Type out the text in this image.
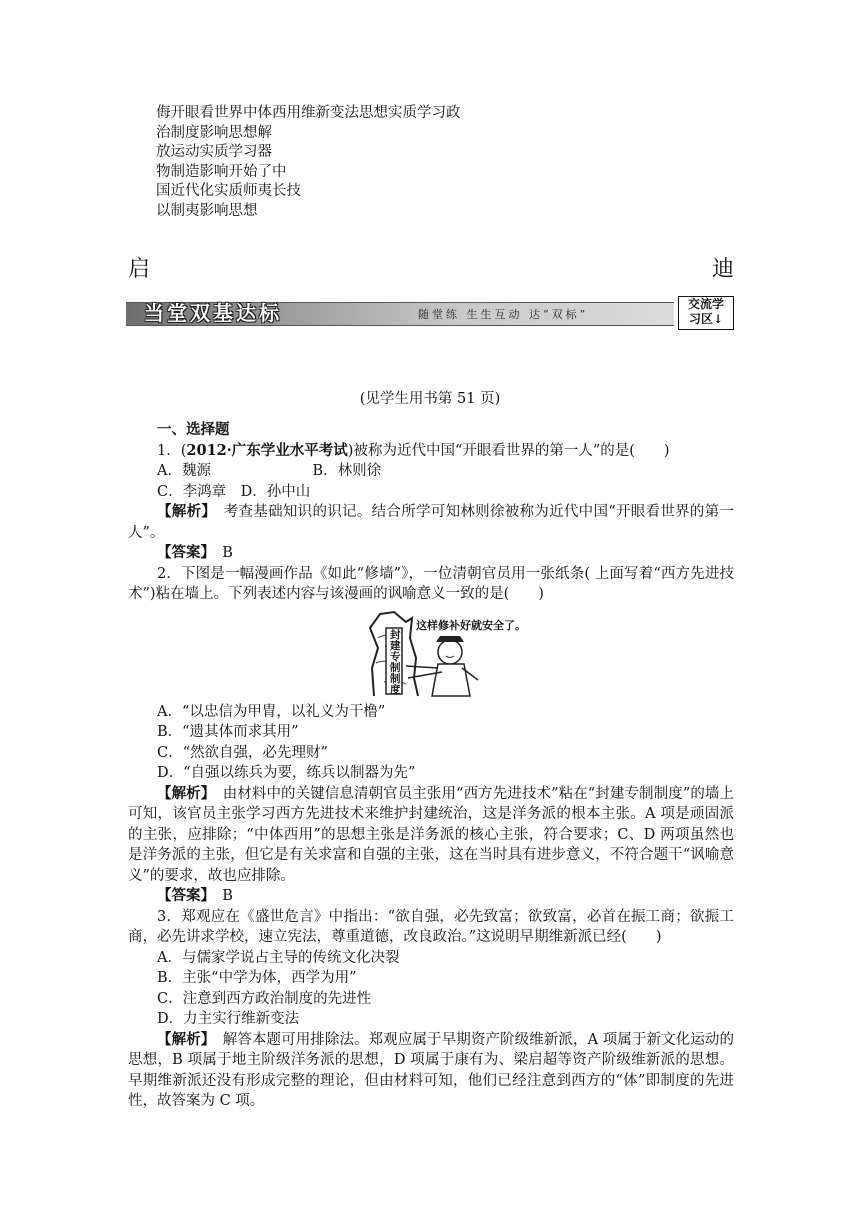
侮开眼看世界中体西用维新变法思想实质学习政
治制度影响思想解
放运动实质学习器
物制造影响开始了中
国近代化实质师夷长技
以制夷影响思想
启	迪
当堂双基达标	随堂练 生生互动 达“双标”
交流学
习区↓
(见学生用书第 51 页)

一、选择题

1．(2012·广东学业水平考试)被称为近代中国“开眼看世界的第一人”的是(　　)

A．魏源　　　　　　　B．林则徐

C．李鸿章　D．孙中山

【解析】　考查基础知识的识记。结合所学可知林则徐被称为近代中国“开眼看世界的第一人”。

【答案】　B

2．下图是一幅漫画作品《如此“修墙”》，一位清朝官员用一张纸条( 上面写着“西方先进技术”)粘在墙上。下列表述内容与该漫画的讽喻意义一致的是(　　)

这样修补好就安全了。
封建专制制度

A．“以忠信为甲胄，以礼义为干橹”

B．“遗其体而求其用”

C．“然欲自强，必先理财”

D．“自强以练兵为要，练兵以制器为先”

【解析】　由材料中的关键信息清朝官员主张用“西方先进技术”粘在“封建专制制度”的墙上可知，该官员主张学习西方先进技术来维护封建统治，这是洋务派的根本主张。A 项是顽固派的主张，应排除；“中体西用”的思想主张是洋务派的核心主张，符合要求；C、D 两项虽然也是洋务派的主张，但它是有关求富和自强的主张，这在当时具有进步意义，不符合题干“讽喻意义”的要求，故也应排除。

【答案】　B

3．郑观应在《盛世危言》中指出：“欲自强，必先致富；欲致富，必首在振工商；欲振工商，必先讲求学校，速立宪法，尊重道德，改良政治。”这说明早期维新派已经(　　)

A．与儒家学说占主导的传统文化决裂

B．主张“中学为体，西学为用”

C．注意到西方政治制度的先进性

D．力主实行维新变法

【解析】　解答本题可用排除法。郑观应属于早期资产阶级维新派，A 项属于新文化运动的思想，B 项属于地主阶级洋务派的思想，D 项属于康有为、梁启超等资产阶级维新派的思想。早期维新派还没有形成完整的理论，但由材料可知，他们已经注意到西方的“体”即制度的先进性，故答案为 C 项。
